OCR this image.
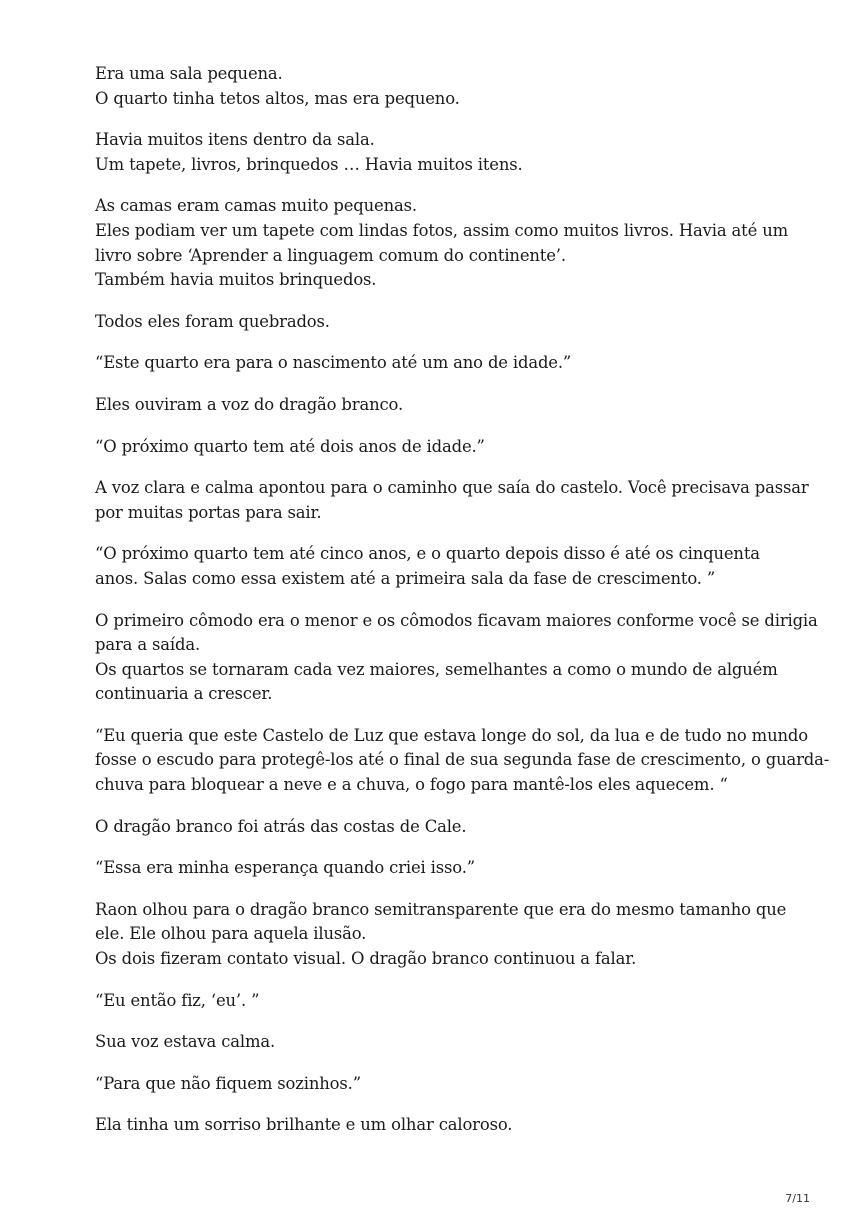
Era uma sala pequena.
O quarto tinha tetos altos, mas era pequeno.

Havia muitos itens dentro da sala.
Um tapete, livros, brinquedos … Havia muitos itens.

As camas eram camas muito pequenas.
Eles podiam ver um tapete com lindas fotos, assim como muitos livros. Havia até um
livro sobre ‘Aprender a linguagem comum do continente’.
Também havia muitos brinquedos.

Todos eles foram quebrados.

“Este quarto era para o nascimento até um ano de idade.”

Eles ouviram a voz do dragão branco.

“O próximo quarto tem até dois anos de idade.”

A voz clara e calma apontou para o caminho que saía do castelo. Você precisava passar
por muitas portas para sair.

“O próximo quarto tem até cinco anos, e o quarto depois disso é até os cinquenta
anos. Salas como essa existem até a primeira sala da fase de crescimento. ”

O primeiro cômodo era o menor e os cômodos ficavam maiores conforme você se dirigia
para a saída.
Os quartos se tornaram cada vez maiores, semelhantes a como o mundo de alguém
continuaria a crescer.

“Eu queria que este Castelo de Luz que estava longe do sol, da lua e de tudo no mundo
fosse o escudo para protegê-los até o final de sua segunda fase de crescimento, o guarda-
chuva para bloquear a neve e a chuva, o fogo para mantê-los eles aquecem. “

O dragão branco foi atrás das costas de Cale.

“Essa era minha esperança quando criei isso.”

Raon olhou para o dragão branco semitransparente que era do mesmo tamanho que
ele. Ele olhou para aquela ilusão.
Os dois fizeram contato visual. O dragão branco continuou a falar.

“Eu então fiz, ‘eu’. ”

Sua voz estava calma.

“Para que não fiquem sozinhos.”

Ela tinha um sorriso brilhante e um olhar caloroso.

7/11
